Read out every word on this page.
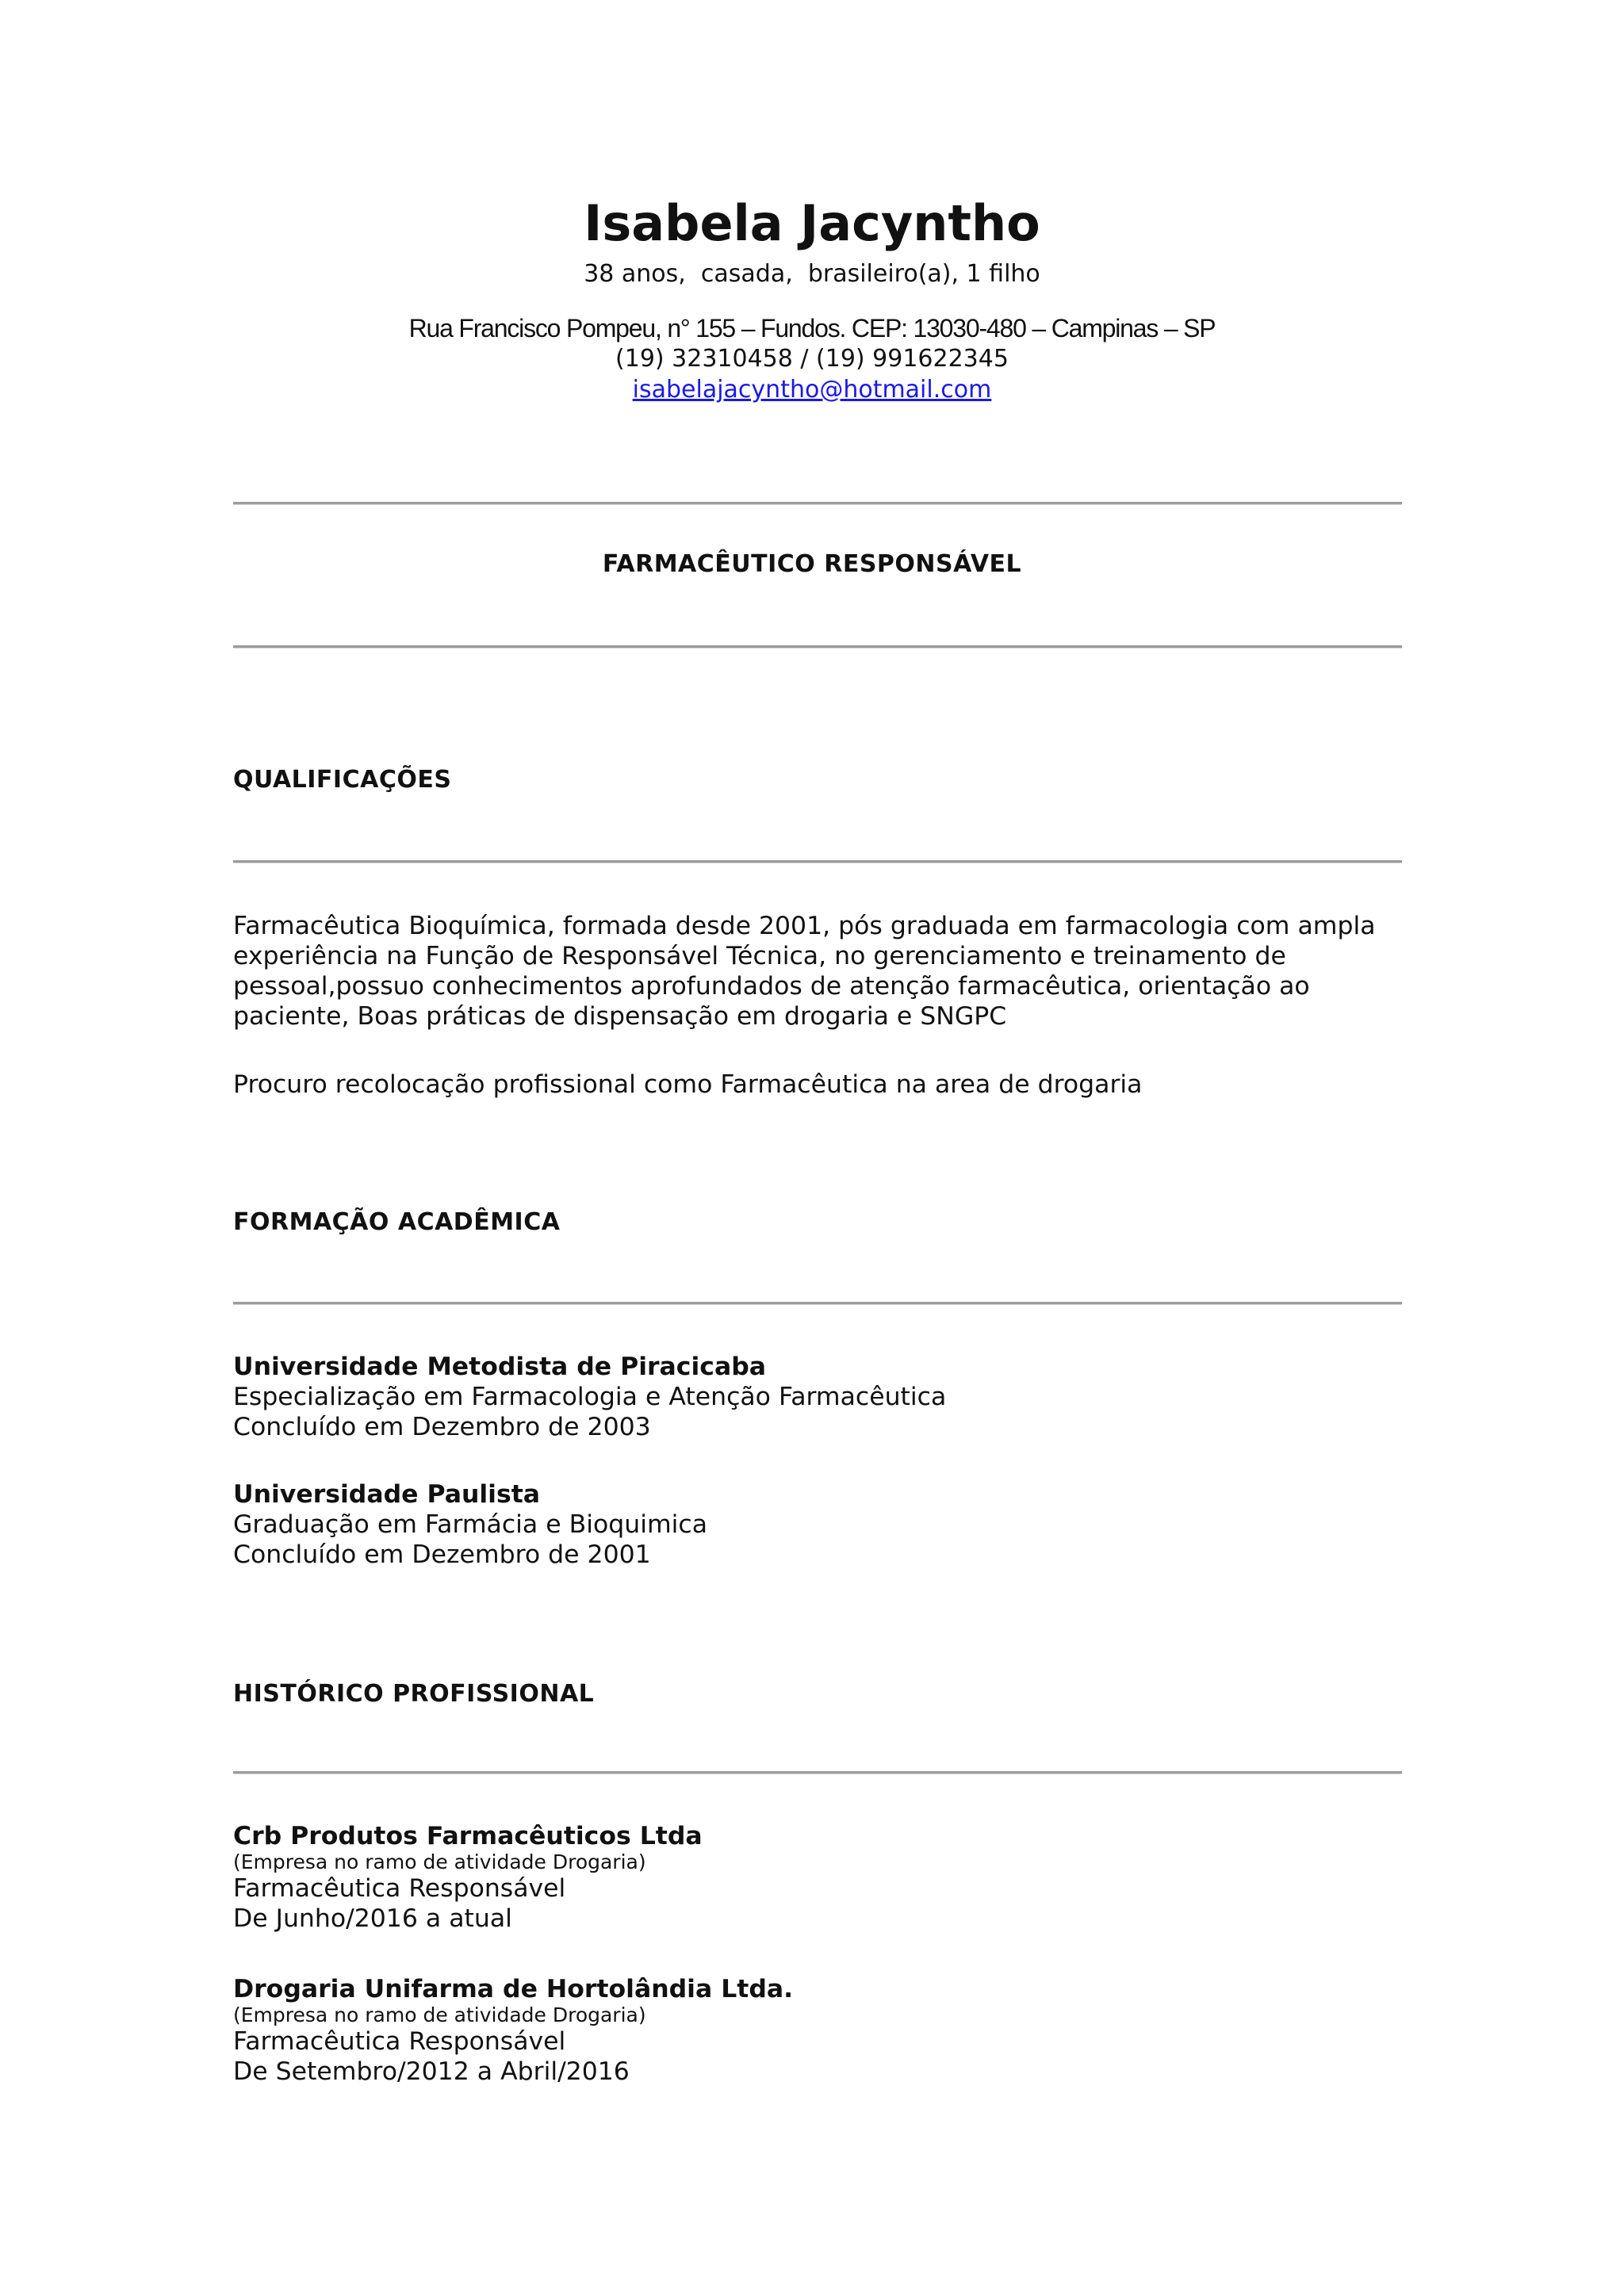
Isabela Jacyntho

38 anos,  casada,  brasileiro(a), 1 filho

Rua Francisco Pompeu, n° 155 – Fundos. CEP: 13030-480 – Campinas – SP

(19) 32310458 / (19) 991622345

isabelajacyntho@hotmail.com

FARMACÊUTICO RESPONSÁVEL

QUALIFICAÇÕES

Farmacêutica Bioquímica, formada desde 2001, pós graduada em farmacologia com ampla experiência na Função de Responsável Técnica, no gerenciamento e treinamento de pessoal,possuo conhecimentos aprofundados de atenção farmacêutica, orientação ao paciente, Boas práticas de dispensação em drogaria e SNGPC

Procuro recolocação profissional como Farmacêutica na area de drogaria

FORMAÇÃO ACADÊMICA

Universidade Metodista de Piracicaba

Especialização em Farmacologia e Atenção Farmacêutica

Concluído em Dezembro de 2003

Universidade Paulista

Graduação em Farmácia e Bioquimica

Concluído em Dezembro de 2001

HISTÓRICO PROFISSIONAL

Crb Produtos Farmacêuticos Ltda

(Empresa no ramo de atividade Drogaria)

Farmacêutica Responsável

De Junho/2016 a atual

Drogaria Unifarma de Hortolândia Ltda.

(Empresa no ramo de atividade Drogaria)

Farmacêutica Responsável

De Setembro/2012 a Abril/2016
